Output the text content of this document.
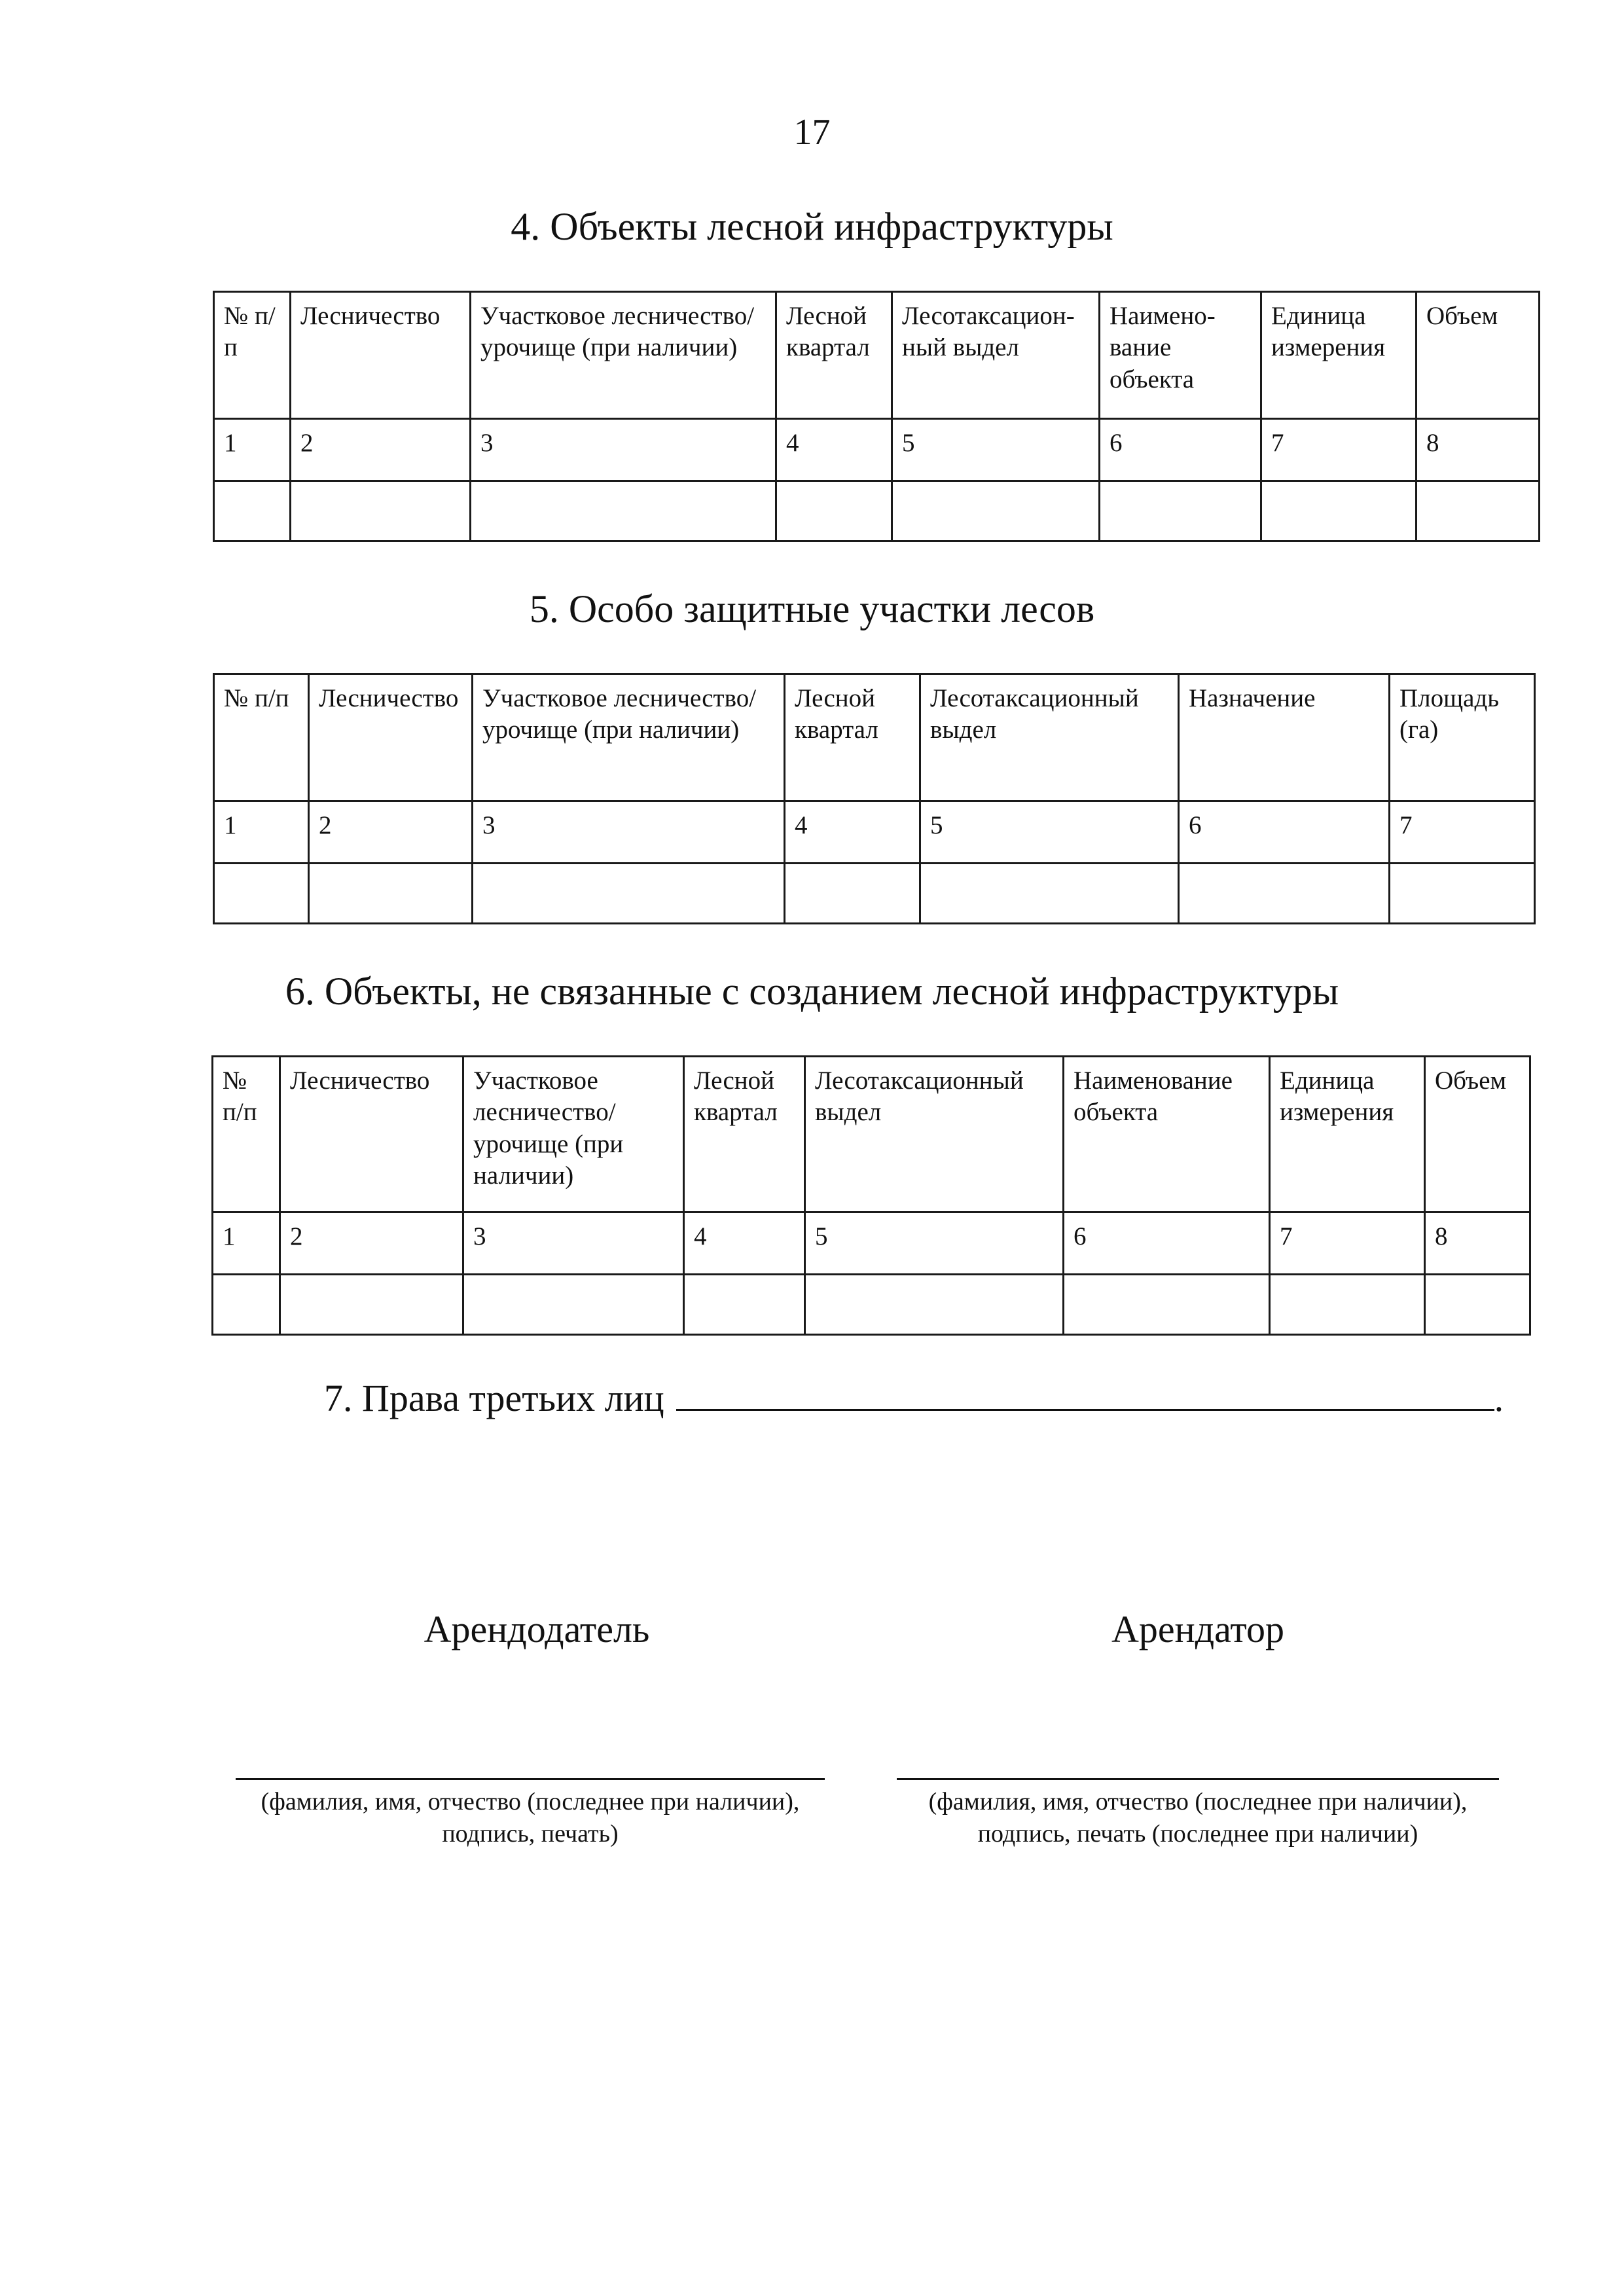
17
4. Объекты лесной инфраструктуры
№ п/п	Лесничество	Участковое лесничество/урочище (при наличии)	Лесной квартал	Лесотаксацион-ный выдел	Наимено-вание объекта	Единица измерения	Объем
1	2	3	4	5	6	7	8

5. Особо защитные участки лесов
№ п/п	Лесничество	Участковое лесничество/урочище (при наличии)	Лесной квартал	Лесотаксационный выдел	Назначение	Площадь (га)
1	2	3	4	5	6	7

6. Объекты, не связанные с созданием лесной инфраструктуры
№ п/п	Лесничество	Участковое лесничество/ урочище (при наличии)	Лесной квартал	Лесотаксационный выдел	Наименование объекта	Единица измерения	Объем
1	2	3	4	5	6	7	8

7. Права третьих лиц	.
Арендодатель	Арендатор
(фамилия, имя, отчество (последнее при наличии),
подпись, печать)
(фамилия, имя, отчество (последнее при наличии),
подпись, печать (последнее при наличии)
